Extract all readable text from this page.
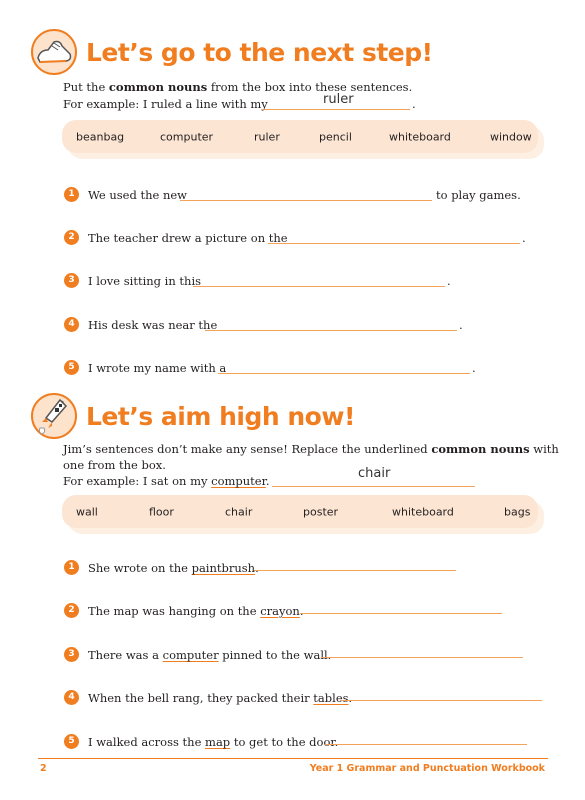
Let’s go to the next step!
Put the common nouns from the box into these sentences.
For example: I ruled a line with my	ruler	.
beanbag	computer	ruler	pencil	whiteboard	window
1	We used the new	to play games.
2	The teacher drew a picture on the	.
3	I love sitting in this	.
4	His desk was near the	.
5	I wrote my name with a	.
Let’s aim high now!
Jim’s sentences don’t make any sense! Replace the underlined common nouns with
one from the box.
For example: I sat on my computer.	chair
wall	floor	chair	poster	whiteboard	bags
1	She wrote on the paintbrush.
2	The map was hanging on the crayon.
3	There was a computer pinned to the wall.
4	When the bell rang, they packed their tables.
5	I walked across the map to get to the door.
2	Year 1 Grammar and Punctuation Workbook
